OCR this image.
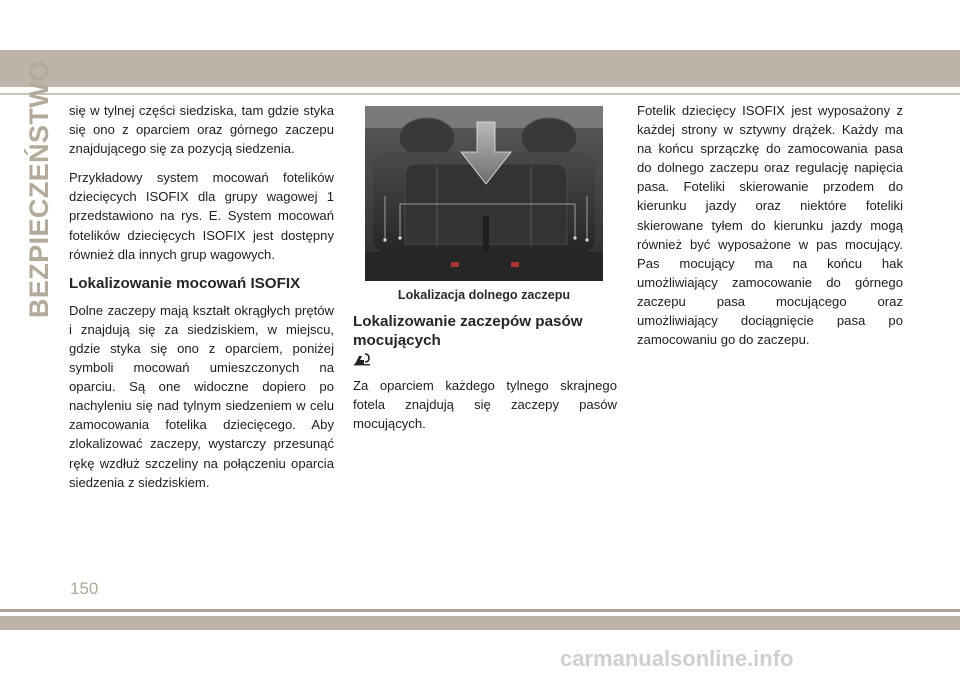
BEZPIECZEŃSTWO się w tylnej części siedziska, tam gdzie styka się ono z oparciem oraz górnego zaczepu znajdującego się za pozycją siedzenia.

Przykładowy system mocowań fotelików dziecięcych ISOFIX dla grupy wagowej 1 przedstawiono na rys. E. System mocowań fotelików dziecięcych ISOFIX jest dostępny również dla innych grup wagowych.

Lokalizowanie mocowań ISOFIX

Dolne zaczepy mają kształt okrągłych prętów i znajdują się za siedziskiem, w miejscu, gdzie styka się ono z oparciem, poniżej symboli mocowań umieszczonych na oparciu. Są one widoczne dopiero po nachyleniu się nad tylnym siedzeniem w celu zamocowania fotelika dziecięcego. Aby zlokalizować zaczepy, wystarczy przesunąć rękę wzdłuż szczeliny na połączeniu oparcia siedzenia z siedziskiem.

Lokalizacja dolnego zaczepu
Lokalizowanie zaczepów pasów mocujących

Za oparciem każdego tylnego skrajnego fotela znajdują się zaczepy pasów mocujących.

Fotelik dziecięcy ISOFIX jest wyposażony z każdej strony w sztywny drążek. Każdy ma na końcu sprzączkę do zamocowania pasa do dolnego zaczepu oraz regulację napięcia pasa. Foteliki skierowanie przodem do kierunku jazdy oraz niektóre foteliki skierowane tyłem do kierunku jazdy mogą również być wyposażone w pas mocujący. Pas mocujący ma na końcu hak umożliwiający zamocowanie do górnego zaczepu pasa mocującego oraz umożliwiający dociągnięcie pasa po zamocowaniu go do zaczepu.

150
carmanualsonline.info
